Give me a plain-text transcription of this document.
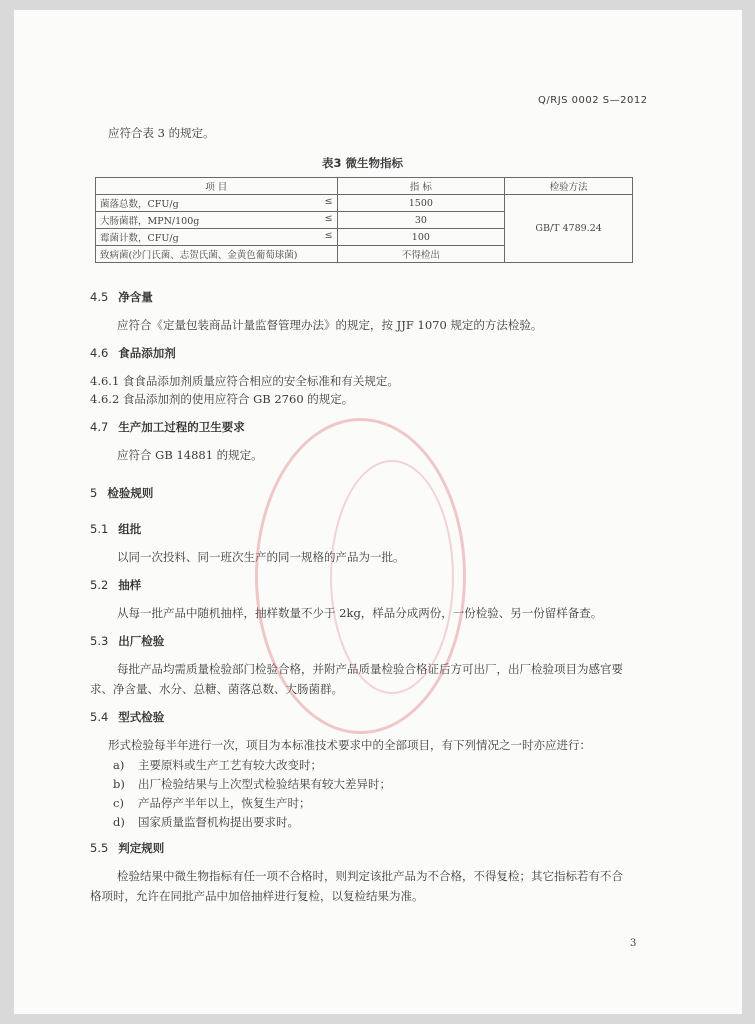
Q/RJS 0002 S—2012
应符合表 3 的规定。
表3 微生物指标
项 目	指 标	检验方法
菌落总数，CFU/g ≤	1500	GB/T 4789.24
大肠菌群，MPN/100g ≤	30	
霉菌计数，CFU/g ≤	100	
致病菌(沙门氏菌、志贺氏菌、金黄色葡萄球菌)	不得检出	
4.5 净含量
应符合《定量包装商品计量监督管理办法》的规定，按 JJF 1070 规定的方法检验。
4.6 食品添加剂
4.6.1 食食品添加剂质量应符合相应的安全标准和有关规定。
4.6.2 食品添加剂的使用应符合 GB 2760 的规定。
4.7 生产加工过程的卫生要求
应符合 GB 14881 的规定。
5 检验规则
5.1 组批
以同一次投料、同一班次生产的同一规格的产品为一批。
5.2 抽样
从每一批产品中随机抽样，抽样数量不少于 2kg，样品分成两份，一份检验、另一份留样备查。
5.3 出厂检验
每批产品均需质量检验部门检验合格，并附产品质量检验合格证后方可出厂，出厂检验项目为感官要
求、净含量、水分、总糖、菌落总数、大肠菌群。
5.4 型式检验
形式检验每半年进行一次，项目为本标准技术要求中的全部项目，有下列情况之一时亦应进行：
a) 主要原料或生产工艺有较大改变时；
b) 出厂检验结果与上次型式检验结果有较大差异时；
c) 产品停产半年以上，恢复生产时；
d) 国家质量监督机构提出要求时。
5.5 判定规则
检验结果中微生物指标有任一项不合格时，则判定该批产品为不合格，不得复检；其它指标若有不合
格项时，允许在同批产品中加倍抽样进行复检，以复检结果为准。
3
